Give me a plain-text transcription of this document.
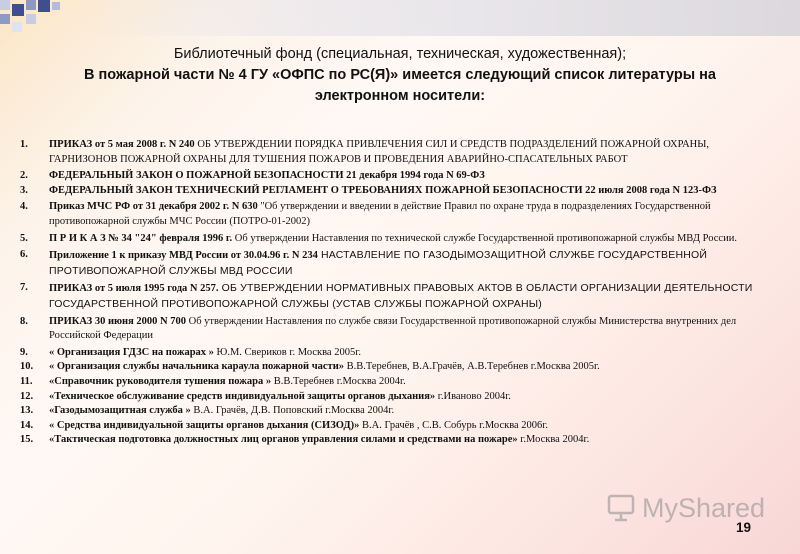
Библиотечный фонд (специальная, техническая, художественная);
В пожарной части № 4 ГУ «ОФПС по РС(Я)» имеется следующий список литературы на
электронном носители:
1. ПРИКАЗ от 5 мая 2008 г. N 240 ОБ УТВЕРЖДЕНИИ ПОРЯДКА ПРИВЛЕЧЕНИЯ СИЛ И СРЕДСТВ ПОДРАЗДЕЛЕНИЙ ПОЖАРНОЙ ОХРАНЫ, ГАРНИЗОНОВ ПОЖАРНОЙ ОХРАНЫ ДЛЯ ТУШЕНИЯ ПОЖАРОВ И ПРОВЕДЕНИЯ АВАРИЙНО-СПАСАТЕЛЬНЫХ РАБОТ
2. ФЕДЕРАЛЬНЫЙ ЗАКОН О ПОЖАРНОЙ БЕЗОПАСНОСТИ 21 декабря 1994 года N 69-ФЗ
3. ФЕДЕРАЛЬНЫЙ ЗАКОН ТЕХНИЧЕСКИЙ РЕГЛАМЕНТ О ТРЕБОВАНИЯХ ПОЖАРНОЙ БЕЗОПАСНОСТИ 22 июля 2008 года N 123-ФЗ
4. Приказ МЧС РФ от 31 декабря 2002 г. N 630 "Об утверждении и введении в действие Правил по охране труда в подразделениях Государственной противопожарной службы МЧС России (ПОТРО-01-2002)
5. П Р И К А З № 34 "24" февраля 1996 г. Об утверждении Наставления по технической службе Государственной противопожарной службы МВД России.
6. Приложение 1 к приказу МВД России от 30.04.96 г. N 234 НАСТАВЛЕНИЕ ПО ГАЗОДЫМОЗАЩИТНОЙ СЛУЖБЕ ГОСУДАРСТВЕННОЙ ПРОТИВОПОЖАРНОЙ СЛУЖБЫ МВД РОССИИ
7. ПРИКАЗ от 5 июля 1995 года N 257. ОБ УТВЕРЖДЕНИИ НОРМАТИВНЫХ ПРАВОВЫХ АКТОВ В ОБЛАСТИ ОРГАНИЗАЦИИ ДЕЯТЕЛЬНОСТИ ГОСУДАРСТВЕННОЙ ПРОТИВОПОЖАРНОЙ СЛУЖБЫ (УСТАВ СЛУЖБЫ ПОЖАРНОЙ ОХРАНЫ)
8. ПРИКАЗ 30 июня 2000 N 700 Об утверждении Наставления по службе связи Государственной противопожарной службы Министерства внутренних дел Российской Федерации
9. « Организация ГДЗС на пожарах » Ю.М. Свериков г. Москва 2005г.
10. « Организация службы начальника караула пожарной части» В.В.Теребнев, В.А.Грачёв, А.В.Теребнев г.Москва 2005г.
11. «Справочник руководителя тушения пожара » В.В.Теребнев г.Москва 2004г.
12. «Техническое обслуживание средств индивидуальной защиты органов дыхания» г.Иваново 2004г.
13. «Газодымозащитная служба » В.А. Грачёв, Д.В. Поповский г.Москва 2004г.
14. « Средства индивидуальной защиты органов дыхания (СИЗОД)» В.А. Грачёв , С.В. Собурь г.Москва 2006г.
15. «Тактическая подготовка должностных лиц органов управления силами и средствами на пожаре» г.Москва 2004г.
MyShared
19
